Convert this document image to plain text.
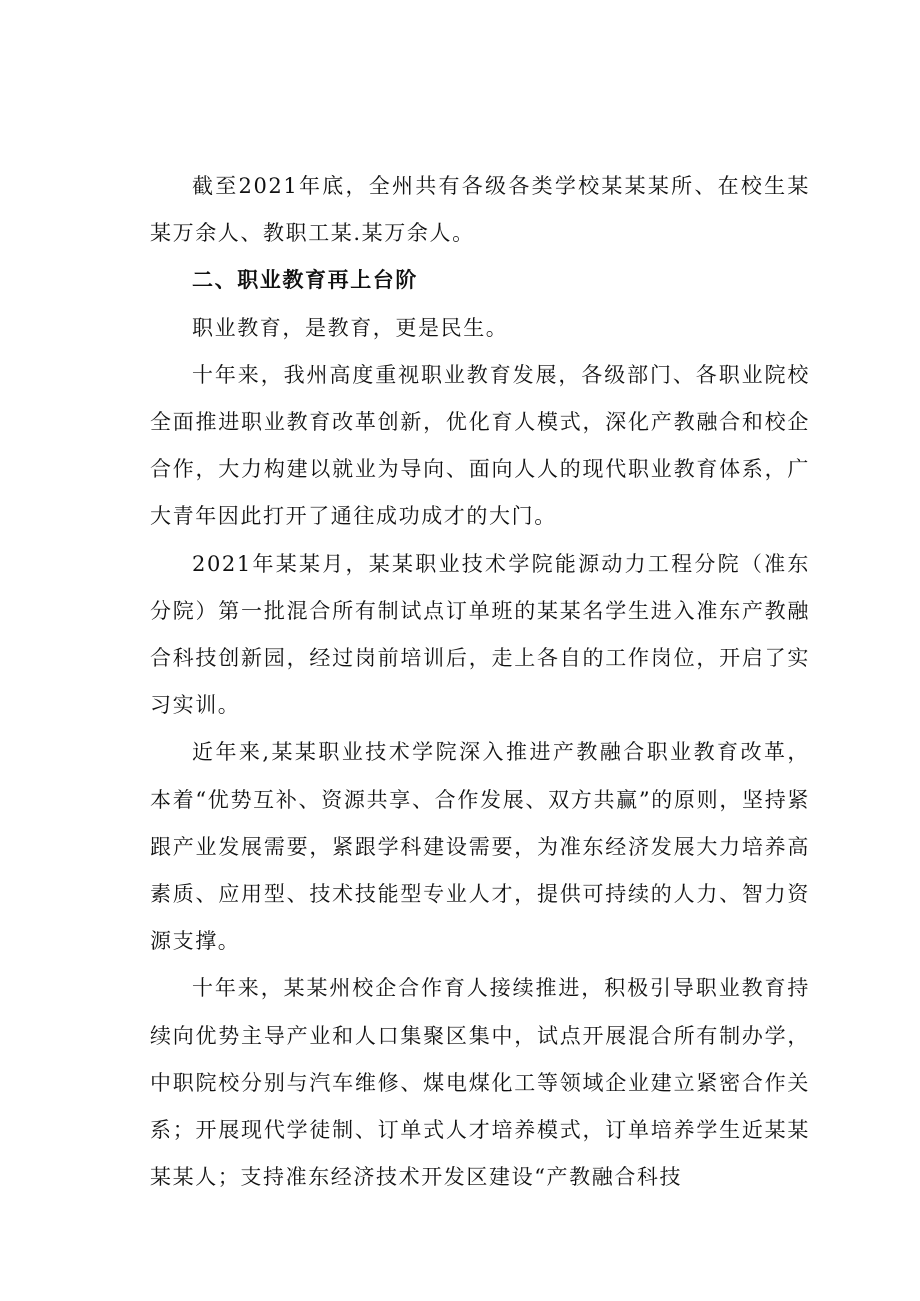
截至2021年底，全州共有各级各类学校某某某所、在校生某某万余人、教职工某.某万余人。

二、职业教育再上台阶

职业教育，是教育，更是民生。

十年来，我州高度重视职业教育发展，各级部门、各职业院校全面推进职业教育改革创新，优化育人模式，深化产教融合和校企合作，大力构建以就业为导向、面向人人的现代职业教育体系，广大青年因此打开了通往成功成才的大门。

2021年某某月，某某职业技术学院能源动力工程分院（准东分院）第一批混合所有制试点订单班的某某名学生进入准东产教融合科技创新园，经过岗前培训后，走上各自的工作岗位，开启了实习实训。

近年来,某某职业技术学院深入推进产教融合职业教育改革，本着“优势互补、资源共享、合作发展、双方共赢”的原则，坚持紧跟产业发展需要，紧跟学科建设需要，为准东经济发展大力培养高素质、应用型、技术技能型专业人才，提供可持续的人力、智力资源支撑。

十年来，某某州校企合作育人接续推进，积极引导职业教育持续向优势主导产业和人口集聚区集中，试点开展混合所有制办学，中职院校分别与汽车维修、煤电煤化工等领域企业建立紧密合作关系；开展现代学徒制、订单式人才培养模式，订单培养学生近某某某某人；支持准东经济技术开发区建设“产教融合科技
